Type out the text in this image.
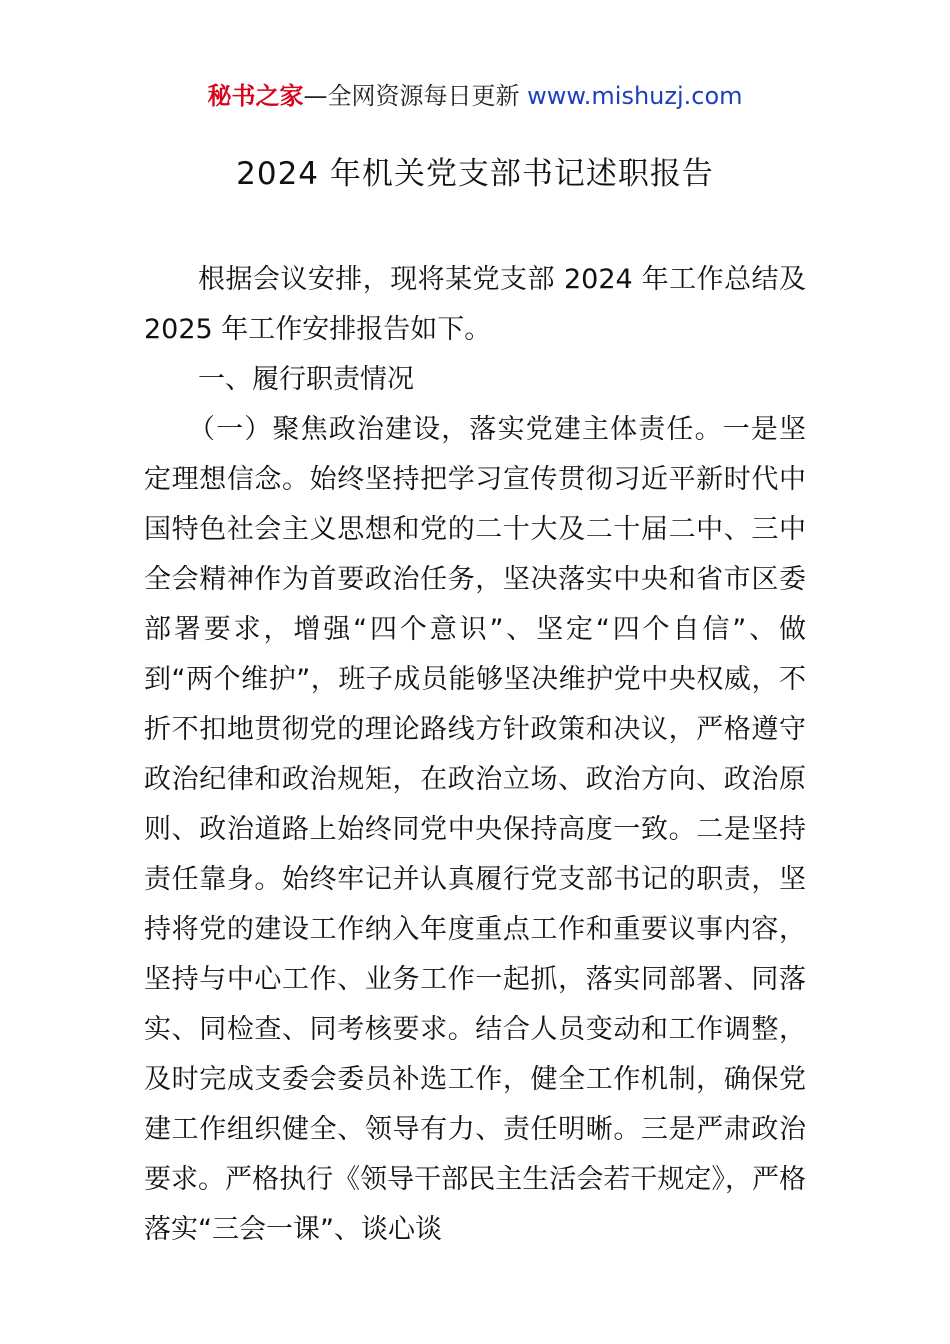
秘书之家—全网资源每日更新 www.mishuzj.com
2024 年机关党支部书记述职报告

根据会议安排，现将某党支部 2024 年工作总结及 2025 年工作安排报告如下。

一、履行职责情况

（一）聚焦政治建设，落实党建主体责任。一是坚定理想信念。始终坚持把学习宣传贯彻习近平新时代中国特色社会主义思想和党的二十大及二十届二中、三中全会精神作为首要政治任务，坚决落实中央和省市区委部署要求，增强“四个意识”、坚定“四个自信”、做到“两个维护”，班子成员能够坚决维护党中央权威，不折不扣地贯彻党的理论路线方针政策和决议，严格遵守政治纪律和政治规矩，在政治立场、政治方向、政治原则、政治道路上始终同党中央保持高度一致。二是坚持责任靠身。始终牢记并认真履行党支部书记的职责，坚持将党的建设工作纳入年度重点工作和重要议事内容，坚持与中心工作、业务工作一起抓，落实同部署、同落实、同检查、同考核要求。结合人员变动和工作调整，及时完成支委会委员补选工作，健全工作机制，确保党建工作组织健全、领导有力、责任明晰。三是严肃政治要求。严格执行《领导干部民主生活会若干规定》，严格落实“三会一课”、谈心谈
